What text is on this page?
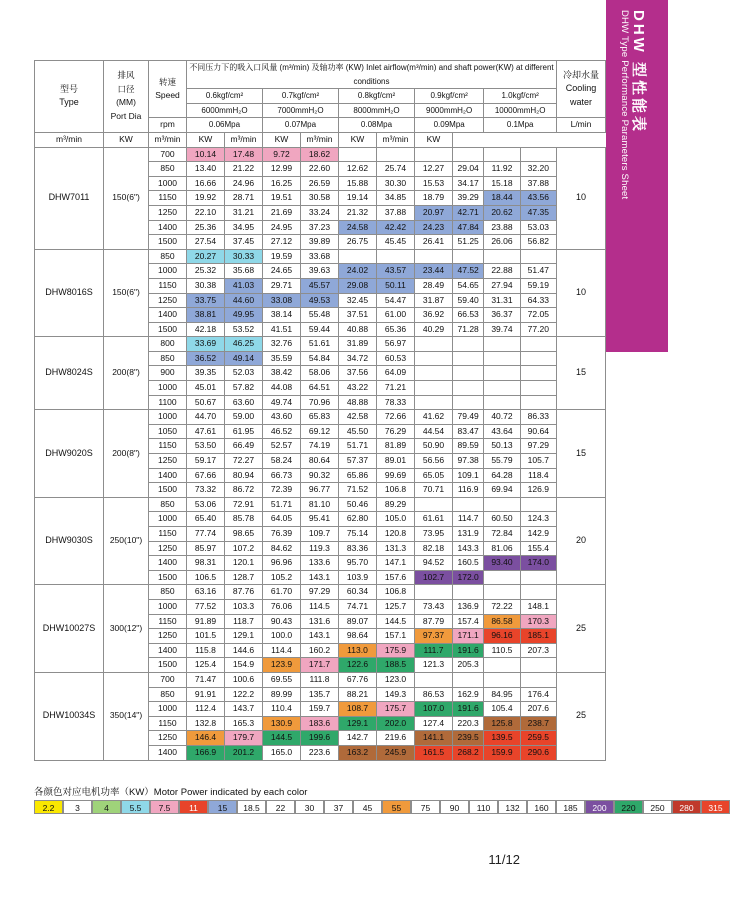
型号
Type	排风
口径
(MM)
Port Dia	转速
Speed	不同压力下的吸入口风量 (m³/min) 及轴功率 (KW) Inlet airflow(m³/min) and shaft power(KW) at different conditions										冷却水量
Cooling water
			0.6kgf/cm²		0.7kgf/cm²		0.8kgf/cm²		0.9kgf/cm²		1.0kgf/cm²		
			6000mmH₂O		7000mmH₂O		8000mmH₂O		9000mmH₂O		10000mmH₂O		
		rpm	0.06Mpa		0.07Mpa		0.08Mpa		0.09Mpa		0.1Mpa		L/min
m³/min	KW	m³/min	KW	m³/min	KW	m³/min	KW	m³/min	KW				
DHW7011	150(6")	700	10.14	17.48	9.72	18.62							10
		850	13.40	21.22	12.99	22.60	12.62	25.74	12.27	29.04	11.92	32.20	
		1000	16.66	24.96	16.25	26.59	15.88	30.30	15.53	34.17	15.18	37.88	
		1150	19.92	28.71	19.51	30.58	19.14	34.85	18.79	39.29	18.44	43.56	
		1250	22.10	31.21	21.69	33.24	21.32	37.88	20.97	42.71	20.62	47.35	
		1400	25.36	34.95	24.95	37.23	24.58	42.42	24.23	47.84	23.88	53.03	
		1500	27.54	37.45	27.12	39.89	26.75	45.45	26.41	51.25	26.06	56.82	
DHW8016S	150(6")	850	20.27	30.33	19.59	33.68							10
		1000	25.32	35.68	24.65	39.63	24.02	43.57	23.44	47.52	22.88	51.47	
		1150	30.38	41.03	29.71	45.57	29.08	50.11	28.49	54.65	27.94	59.19	
		1250	33.75	44.60	33.08	49.53	32.45	54.47	31.87	59.40	31.31	64.33	
		1400	38.81	49.95	38.14	55.48	37.51	61.00	36.92	66.53	36.37	72.05	
		1500	42.18	53.52	41.51	59.44	40.88	65.36	40.29	71.28	39.74	77.20	
DHW8024S	200(8")	800	33.69	46.25	32.76	51.61	31.89	56.97					15
		850	36.52	49.14	35.59	54.84	34.72	60.53					
		900	39.35	52.03	38.42	58.06	37.56	64.09					
		1000	45.01	57.82	44.08	64.51	43.22	71.21					
		1100	50.67	63.60	49.74	70.96	48.88	78.33					
DHW9020S	200(8")	1000	44.70	59.00	43.60	65.83	42.58	72.66	41.62	79.49	40.72	86.33	15
		1050	47.61	61.95	46.52	69.12	45.50	76.29	44.54	83.47	43.64	90.64	
		1150	53.50	66.49	52.57	74.19	51.71	81.89	50.90	89.59	50.13	97.29	
		1250	59.17	72.27	58.24	80.64	57.37	89.01	56.56	97.38	55.79	105.7	
		1400	67.66	80.94	66.73	90.32	65.86	99.69	65.05	109.1	64.28	118.4	
		1500	73.32	86.72	72.39	96.77	71.52	106.8	70.71	116.9	69.94	126.9	
DHW9030S	250(10")	850	53.06	72.91	51.71	81.10	50.46	89.29					20
		1000	65.40	85.78	64.05	95.41	62.80	105.0	61.61	114.7	60.50	124.3	
		1150	77.74	98.65	76.39	109.7	75.14	120.8	73.95	131.9	72.84	142.9	
		1250	85.97	107.2	84.62	119.3	83.36	131.3	82.18	143.3	81.06	155.4	
		1400	98.31	120.1	96.96	133.6	95.70	147.1	94.52	160.5	93.40	174.0	
		1500	106.5	128.7	105.2	143.1	103.9	157.6	102.7	172.0			
DHW10027S	300(12")	850	63.16	87.76	61.70	97.29	60.34	106.8					25
		1000	77.52	103.3	76.06	114.5	74.71	125.7	73.43	136.9	72.22	148.1	
		1150	91.89	118.7	90.43	131.6	89.07	144.5	87.79	157.4	86.58	170.3	
		1250	101.5	129.1	100.0	143.1	98.64	157.1	97.37	171.1	96.16	185.1	
		1400	115.8	144.6	114.4	160.2	113.0	175.9	111.7	191.6	110.5	207.3	
		1500	125.4	154.9	123.9	171.7	122.6	188.5	121.3	205.3			
DHW10034S	350(14")	700	71.47	100.6	69.55	111.8	67.76	123.0					25
		850	91.91	122.2	89.99	135.7	88.21	149.3	86.53	162.9	84.95	176.4	
		1000	112.4	143.7	110.4	159.7	108.7	175.7	107.0	191.6	105.4	207.6	
		1150	132.8	165.3	130.9	183.6	129.1	202.0	127.4	220.3	125.8	238.7	
		1250	146.4	179.7	144.5	199.6	142.7	219.6	141.1	239.5	139.5	259.5	
		1400	166.9	201.2	165.0	223.6	163.2	245.9	161.5	268.2	159.9	290.6	
各颜色对应电机功率（KW）Motor Power indicated by each color
2.2	3	4	5.5	7.5	11	15	18.5	22	30	37	45	55	75	90	110	132	160	185	200	220	250	280	315
11/12
DHW 型性能表
DHW Type Performance Parameters Sheet
